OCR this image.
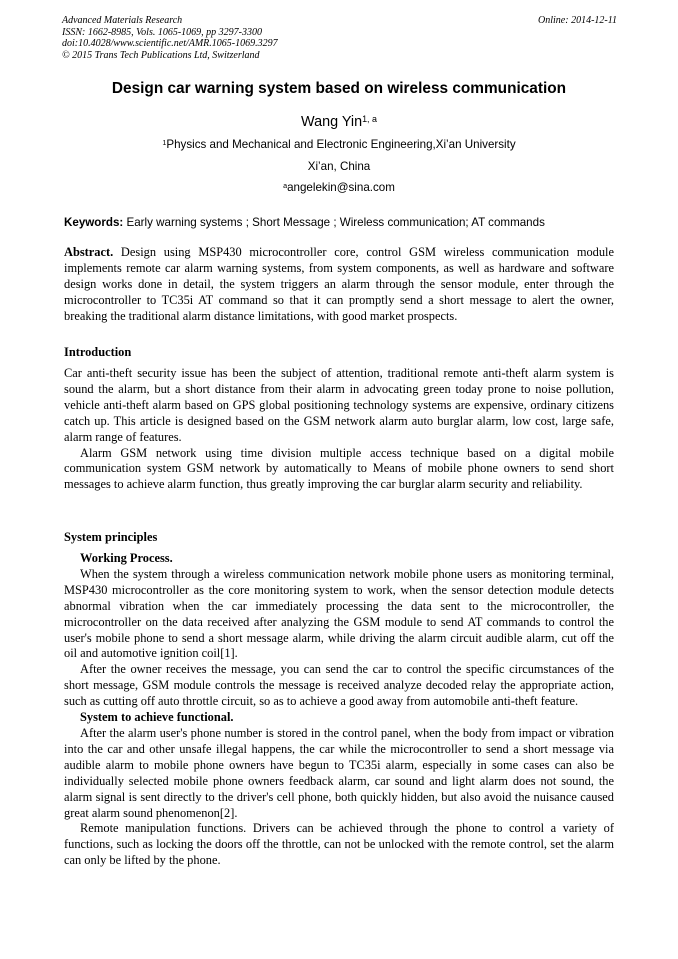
Advanced Materials Research
ISSN: 1662-8985, Vols. 1065-1069, pp 3297-3300
doi:10.4028/www.scientific.net/AMR.1065-1069.3297
© 2015 Trans Tech Publications Ltd, Switzerland
Online: 2014-12-11
Design car warning system based on wireless communication
Wang Yin$^{1, a}$
$^1$Physics and Mechanical and Electronic Engineering,Xi’an University
Xi’an, China
$^a$angelekin@sina.com
Keywords: Early warning systems ; Short Message ; Wireless communication; AT commands

Abstract. Design using MSP430 microcontroller core, control GSM wireless communication module implements remote car alarm warning systems, from system components, as well as hardware and software design works done in detail, the system triggers an alarm through the sensor module, enter through the microcontroller to TC35i AT command so that it can promptly send a short message to alert the owner, breaking the traditional alarm distance limitations, with good market prospects.

Introduction

Car anti-theft security issue has been the subject of attention, traditional remote anti-theft alarm system is sound the alarm, but a short distance from their alarm in advocating green today prone to noise pollution, vehicle anti-theft alarm based on GPS global positioning technology systems are expensive, ordinary citizens catch up. This article is designed based on the GSM network alarm auto burglar alarm, low cost, large safe, alarm range of features.

Alarm GSM network using time division multiple access technique based on a digital mobile communication system GSM network by automatically to Means of mobile phone owners to send short messages to achieve alarm function, thus greatly improving the car burglar alarm security and reliability.

System principles

Working Process.

When the system through a wireless communication network mobile phone users as monitoring terminal, MSP430 microcontroller as the core monitoring system to work, when the sensor detection module detects abnormal vibration when the car immediately processing the data sent to the microcontroller, the microcontroller on the data received after analyzing the GSM module to send AT commands to control the user's mobile phone to send a short message alarm, while driving the alarm circuit audible alarm, cut off the oil and automotive ignition coil[1].

After the owner receives the message, you can send the car to control the specific circumstances of the short message, GSM module controls the message is received analyze decoded relay the appropriate action, such as cutting off auto throttle circuit, so as to achieve a good away from automobile anti-theft feature.

System to achieve functional.

After the alarm user's phone number is stored in the control panel, when the body from impact or vibration into the car and other unsafe illegal happens, the car while the microcontroller to send a short message via audible alarm to mobile phone owners have begun to TC35i alarm, especially in some cases can also be individually selected mobile phone owners feedback alarm, car sound and light alarm does not sound, the alarm signal is sent directly to the driver's cell phone, both quickly hidden, but also avoid the nuisance caused great alarm sound phenomenon[2].

Remote manipulation functions. Drivers can be achieved through the phone to control a variety of functions, such as locking the doors off the throttle, can not be unlocked with the remote control, set the alarm can only be lifted by the phone.
